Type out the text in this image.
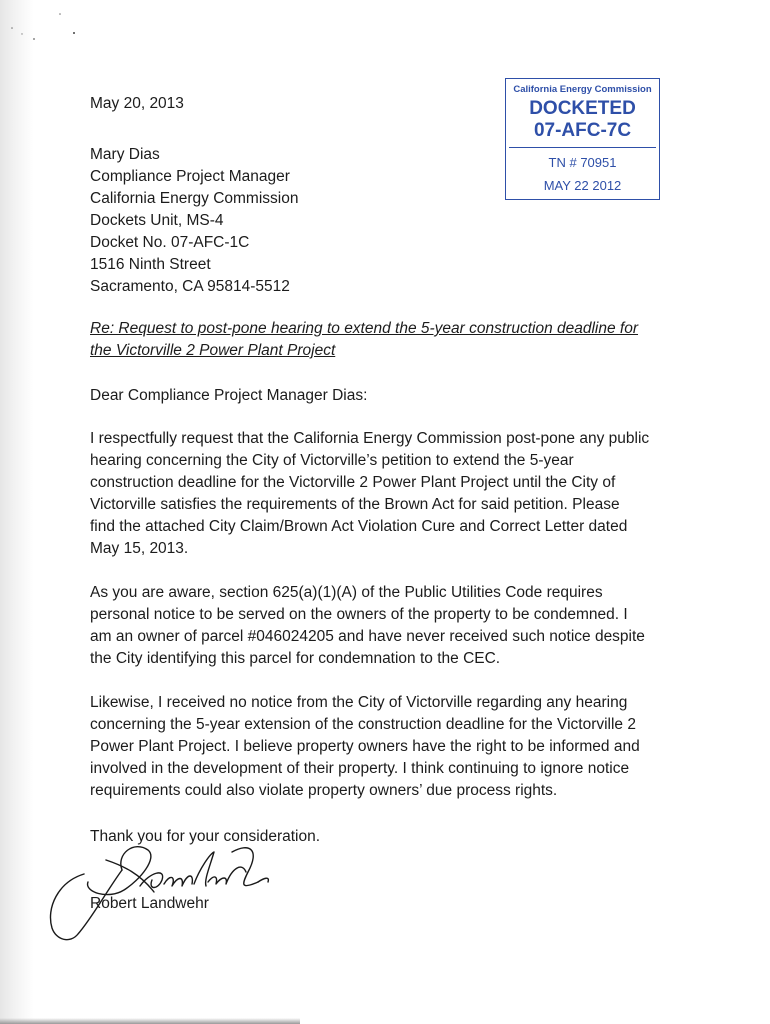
May 20, 2013
Mary Dias
Compliance Project Manager
California Energy Commission
Dockets Unit, MS-4
Docket No. 07-AFC-1C
1516 Ninth Street
Sacramento, CA 95814-5512
California Energy Commission
DOCKETED
07-AFC-7C
TN # 70951
MAY 22 2012
Re: Request to post-pone hearing to extend the 5-year construction deadline for
the Victorville 2 Power Plant Project
Dear Compliance Project Manager Dias:
I respectfully request that the California Energy Commission post-pone any public
hearing concerning the City of Victorville’s petition to extend the 5-year
construction deadline for the Victorville 2 Power Plant Project until the City of
Victorville satisfies the requirements of the Brown Act for said petition. Please
find the attached City Claim/Brown Act Violation Cure and Correct Letter dated
May 15, 2013.
As you are aware, section 625(a)(1)(A) of the Public Utilities Code requires
personal notice to be served on the owners of the property to be condemned. I
am an owner of parcel #046024205 and have never received such notice despite
the City identifying this parcel for condemnation to the CEC.
Likewise, I received no notice from the City of Victorville regarding any hearing
concerning the 5-year extension of the construction deadline for the Victorville 2
Power Plant Project. I believe property owners have the right to be informed and
involved in the development of their property. I think continuing to ignore notice
requirements could also violate property owners’ due process rights.
Thank you for your consideration.
Robert Landwehr
